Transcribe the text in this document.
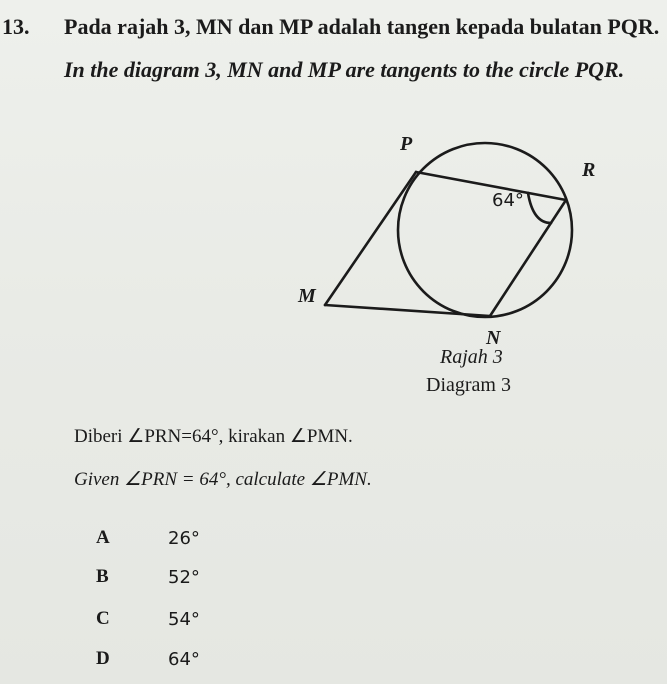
13. Pada rajah 3, MN dan MP adalah tangen kepada bulatan PQR.
In the diagram 3, MN and MP are tangents to the circle PQR.
P
R
M
N
64°
Rajah 3
Diagram 3
Diberi ∠PRN=64°, kirakan ∠PMN.
Given ∠PRN = 64°, calculate ∠PMN.
A	26°
B	52°
C	54°
D	64°
